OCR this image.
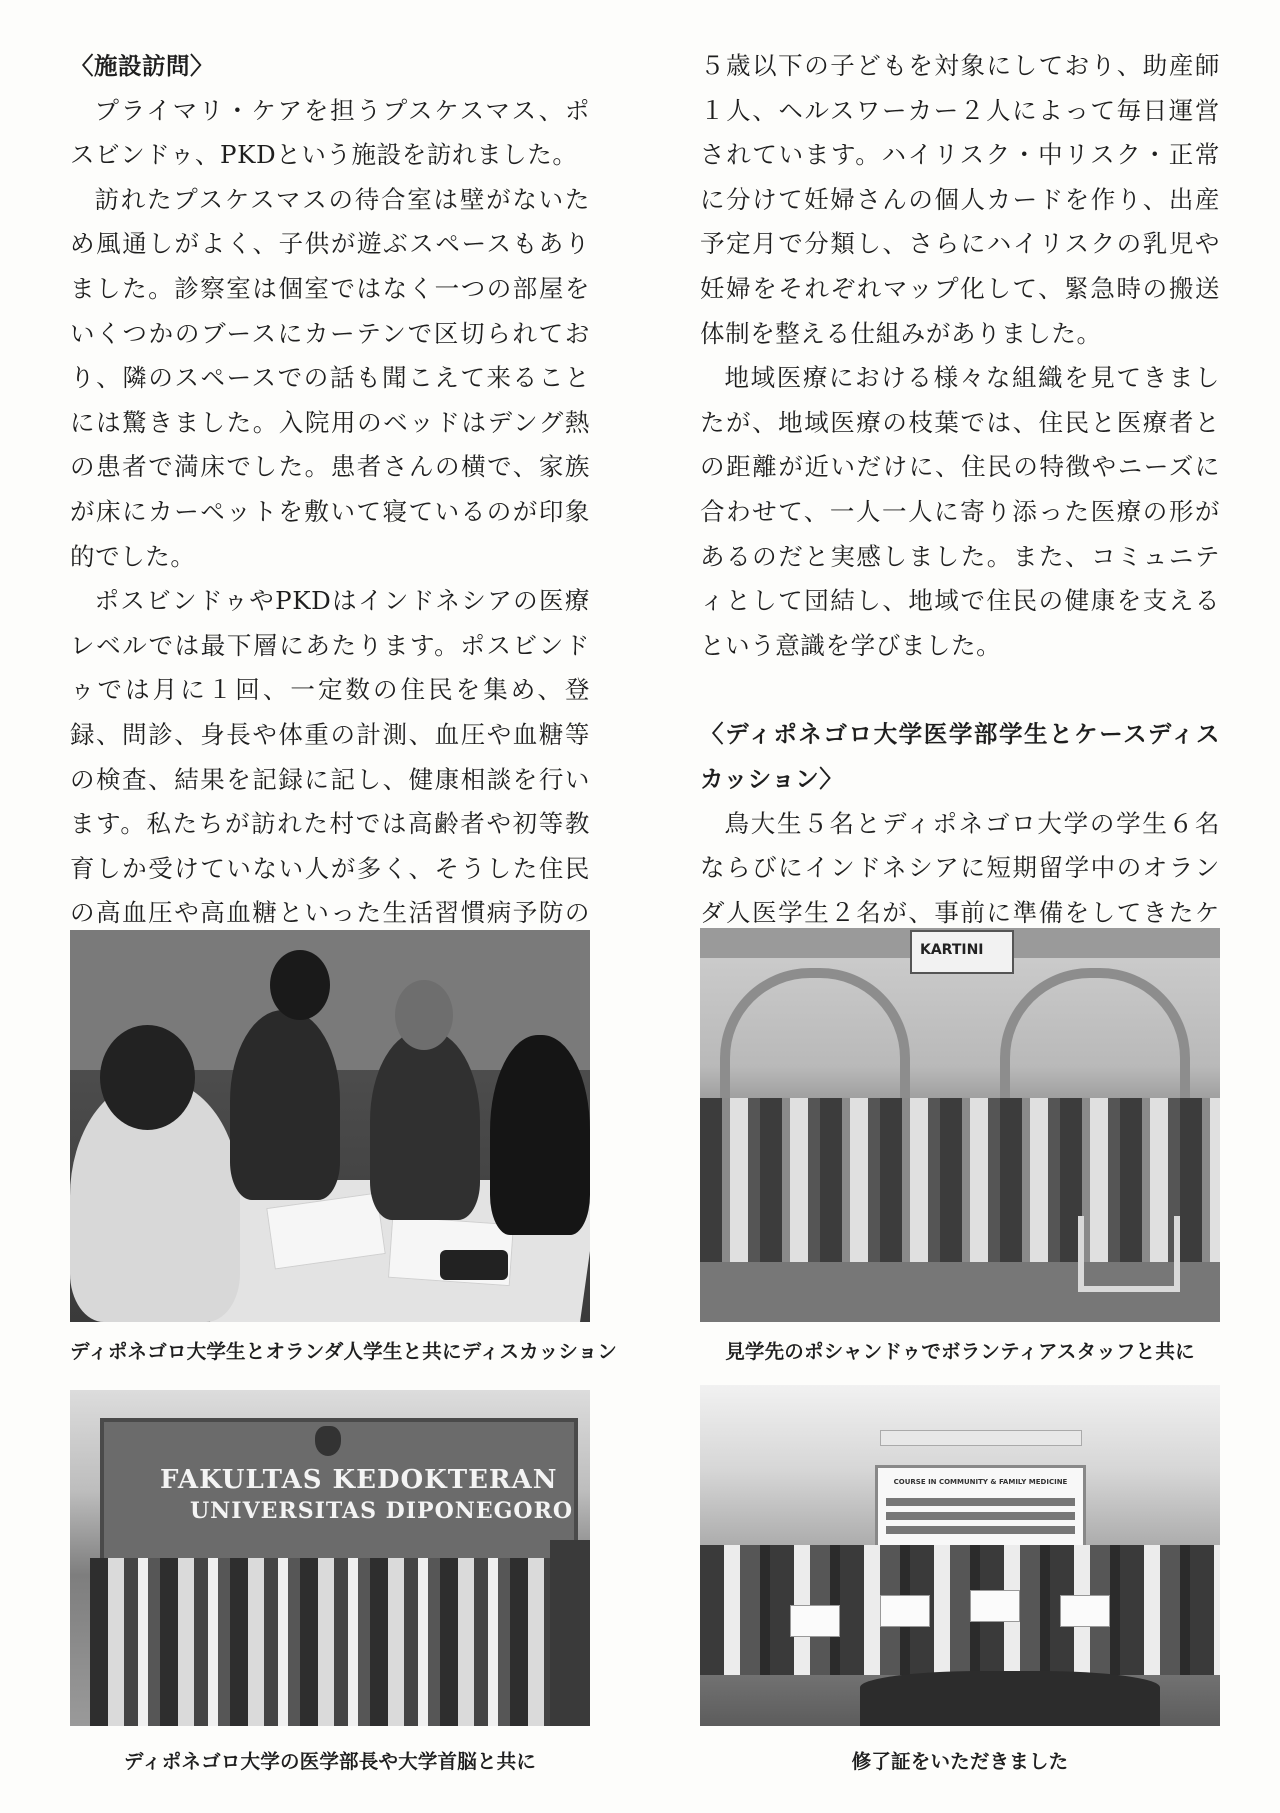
〈施設訪問〉

プライマリ・ケアを担うプスケスマス、ポスビンドゥ、PKDという施設を訪れました。

訪れたプスケスマスの待合室は壁がないため風通しがよく、子供が遊ぶスペースもありました。診察室は個室ではなく一つの部屋をいくつかのブースにカーテンで区切られており、隣のスペースでの話も聞こえて来ることには驚きました。入院用のベッドはデング熱の患者で満床でした。患者さんの横で、家族が床にカーペットを敷いて寝ているのが印象的でした。

ポスビンドゥやPKDはインドネシアの医療レベルでは最下層にあたります。ポスビンドゥでは月に１回、一定数の住民を集め、登録、問診、身長や体重の計測、血圧や血糖等の検査、結果を記録に記し、健康相談を行います。私たちが訪れた村では高齢者や初等教育しか受けていない人が多く、そうした住民の高血圧や高血糖といった生活習慣病予防の

５歳以下の子どもを対象にしており、助産師１人、ヘルスワーカー２人によって毎日運営されています。ハイリスク・中リスク・正常に分けて妊婦さんの個人カードを作り、出産予定月で分類し、さらにハイリスクの乳児や妊婦をそれぞれマップ化して、緊急時の搬送体制を整える仕組みがありました。

地域医療における様々な組織を見てきましたが、地域医療の枝葉では、住民と医療者との距離が近いだけに、住民の特徴やニーズに合わせて、一人一人に寄り添った医療の形があるのだと実感しました。また、コミュニティとして団結し、地域で住民の健康を支えるという意識を学びました。

〈ディポネゴロ大学医学部学生とケースディスカッション〉

鳥大生５名とディポネゴロ大学の学生６名ならびにインドネシアに短期留学中のオランダ人医学生２名が、事前に準備をしてきたケ

ディポネゴロ大学生とオランダ人学生と共にディスカッション
KARTINI
見学先のポシャンドゥでボランティアスタッフと共に
FAKULTAS KEDOKTERAN
UNIVERSITAS DIPONEGORO
ディポネゴロ大学の医学部長や大学首脳と共に
COURSE IN COMMUNITY & FAMILY MEDICINE
修了証をいただきました
